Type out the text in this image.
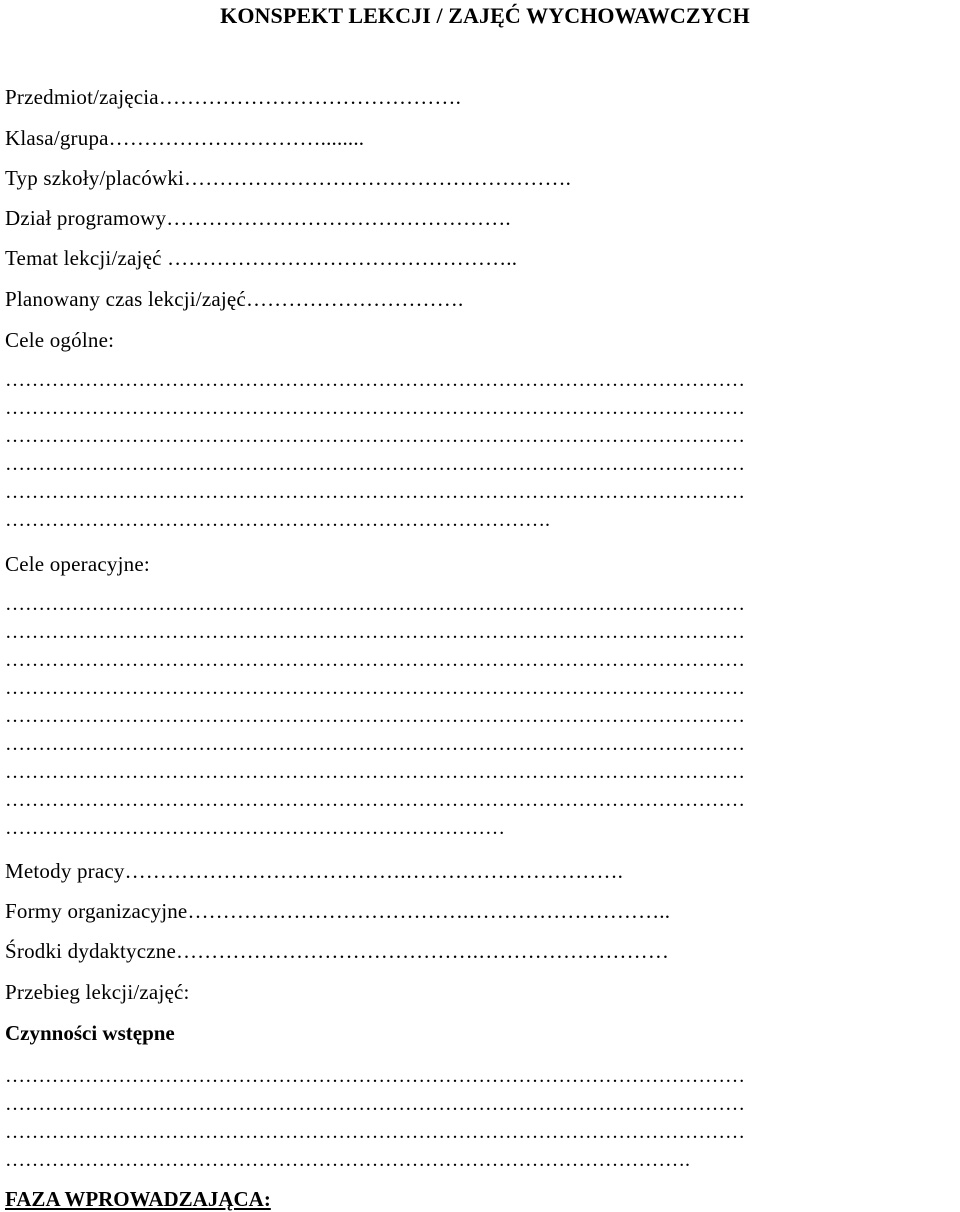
KONSPEKT LEKCJI / ZAJĘĆ WYCHOWAWCZYCH
Przedmiot/zajęcia…………………………………….
Klasa/grupa…………………………........
Typ szkoły/placówki……………………………………………….
Dział programowy………………………………………….
Temat lekcji/zajęć …………………………………………..
Planowany czas lekcji/zajęć………………………….
Cele ogólne:
…………………………………………………………………………………………………
…………………………………………………………………………………………………
…………………………………………………………………………………………………
…………………………………………………………………………………………………
…………………………………………………………………………………………………
……………………………………………………………………….
Cele operacyjne:
…………………………………………………………………………………………………
…………………………………………………………………………………………………
…………………………………………………………………………………………………
…………………………………………………………………………………………………
…………………………………………………………………………………………………
…………………………………………………………………………………………………
…………………………………………………………………………………………………
…………………………………………………………………………………………………
…………………………………………………………………
Metody pracy………………………………….………………………….
Formy organizacyjne………………………………….………………………..
Środki dydaktyczne…………………………………….………………………
Przebieg lekcji/zajęć:
Czynności wstępne
…………………………………………………………………………………………………
…………………………………………………………………………………………………
…………………………………………………………………………………………………
………………………………………………………………………………………….
FAZA WPROWADZAJĄCA:
